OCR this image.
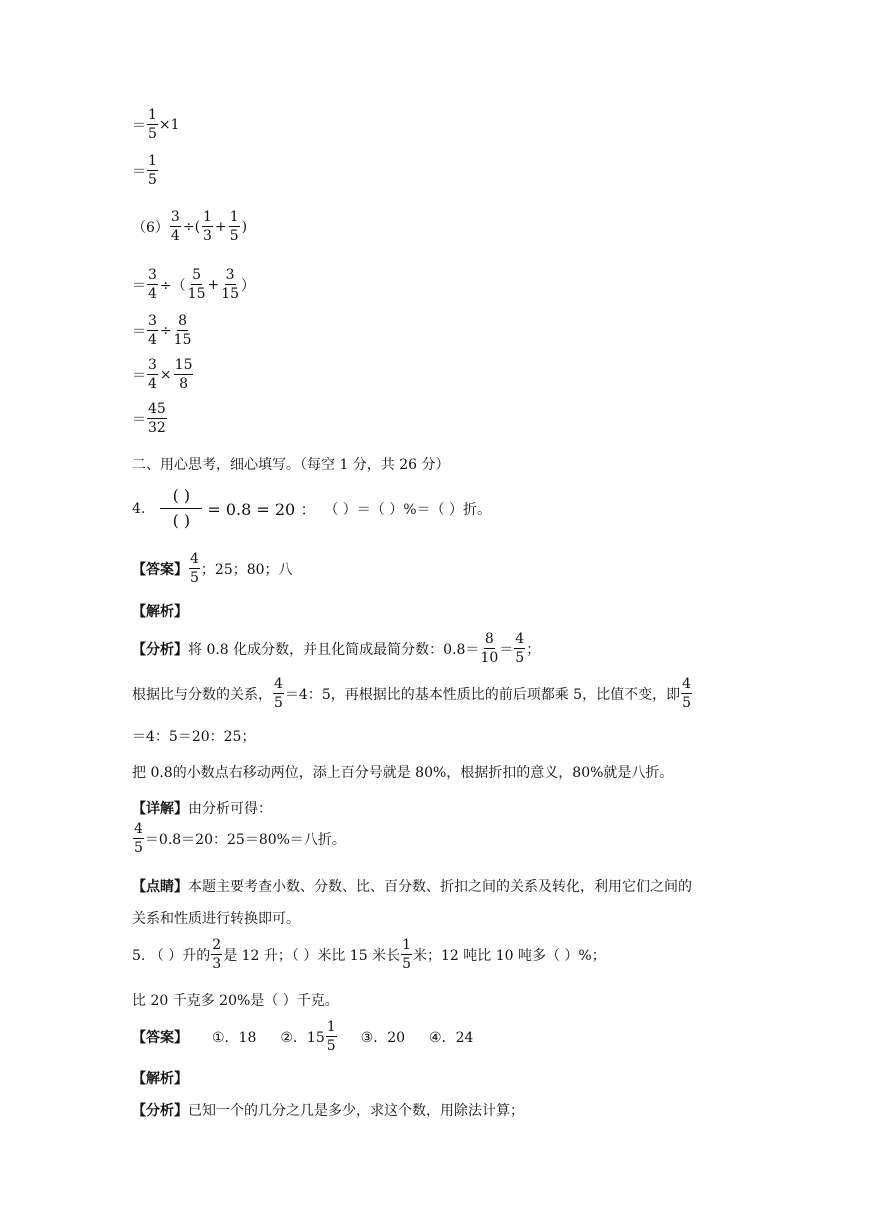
＝ $\frac{1}{5} \times 1$
＝ $\frac{1}{5}$
$(6) \frac{3}{4}$ ÷( $\frac{1}{3} + \frac{1}{5}$ )
＝ $\frac{3}{4}$ ÷（ $\frac{5}{15} + \frac{3}{15}$ ）
＝ $\frac{3}{4} \div \frac{8}{15}$
＝ $\frac{3}{4} \times \frac{15}{8}$
＝ $\frac{45}{32}$
二、用心思考，细心填写。（每空 1 分，共 26 分）
4. $\frac{( )}{( )} = 0.8 = 20$ ： （ ）＝（ ）%＝（ ）折。
【答案】 $\frac{4}{5}$ ；25；80；八
【解析】
【分析】 将 0.8 化成分数，并且化简成最简分数：$0.8= \frac{8}{10} = \frac{4}{5}$ ；
根据比与分数的关系， $\frac{4}{5} =4$：5，再根据比的基本性质比的前后项都乘 5，比值不变，即 $\frac{4}{5}$
＝4：5＝20：25；
把 0.8的小数点右移动两位，添上百分号就是 80%，根据折扣的意义，80%就是八折。
【详解】 由分析可得：
$\frac{4}{5} =0.8=20$：25＝80%＝八折。
【点睛】 本题主要考查小数、分数、比、百分数、折扣之间的关系及转化，利用它们之间的
关系和性质进行转换即可。
5. （ ）升的 $\frac{2}{3}$ 是 12 升；（ ）米比 15 米长 $\frac{1}{5}$ 米；12 吨比 10 吨多（ ）%；
比 20 千克多 20%是（ ）千克。
【答案】 ①．18 ②．$15 \frac{1}{5}$ ③．20 ④．24
【解析】
【分析】 已知一个的几分之几是多少，求这个数，用除法计算；
